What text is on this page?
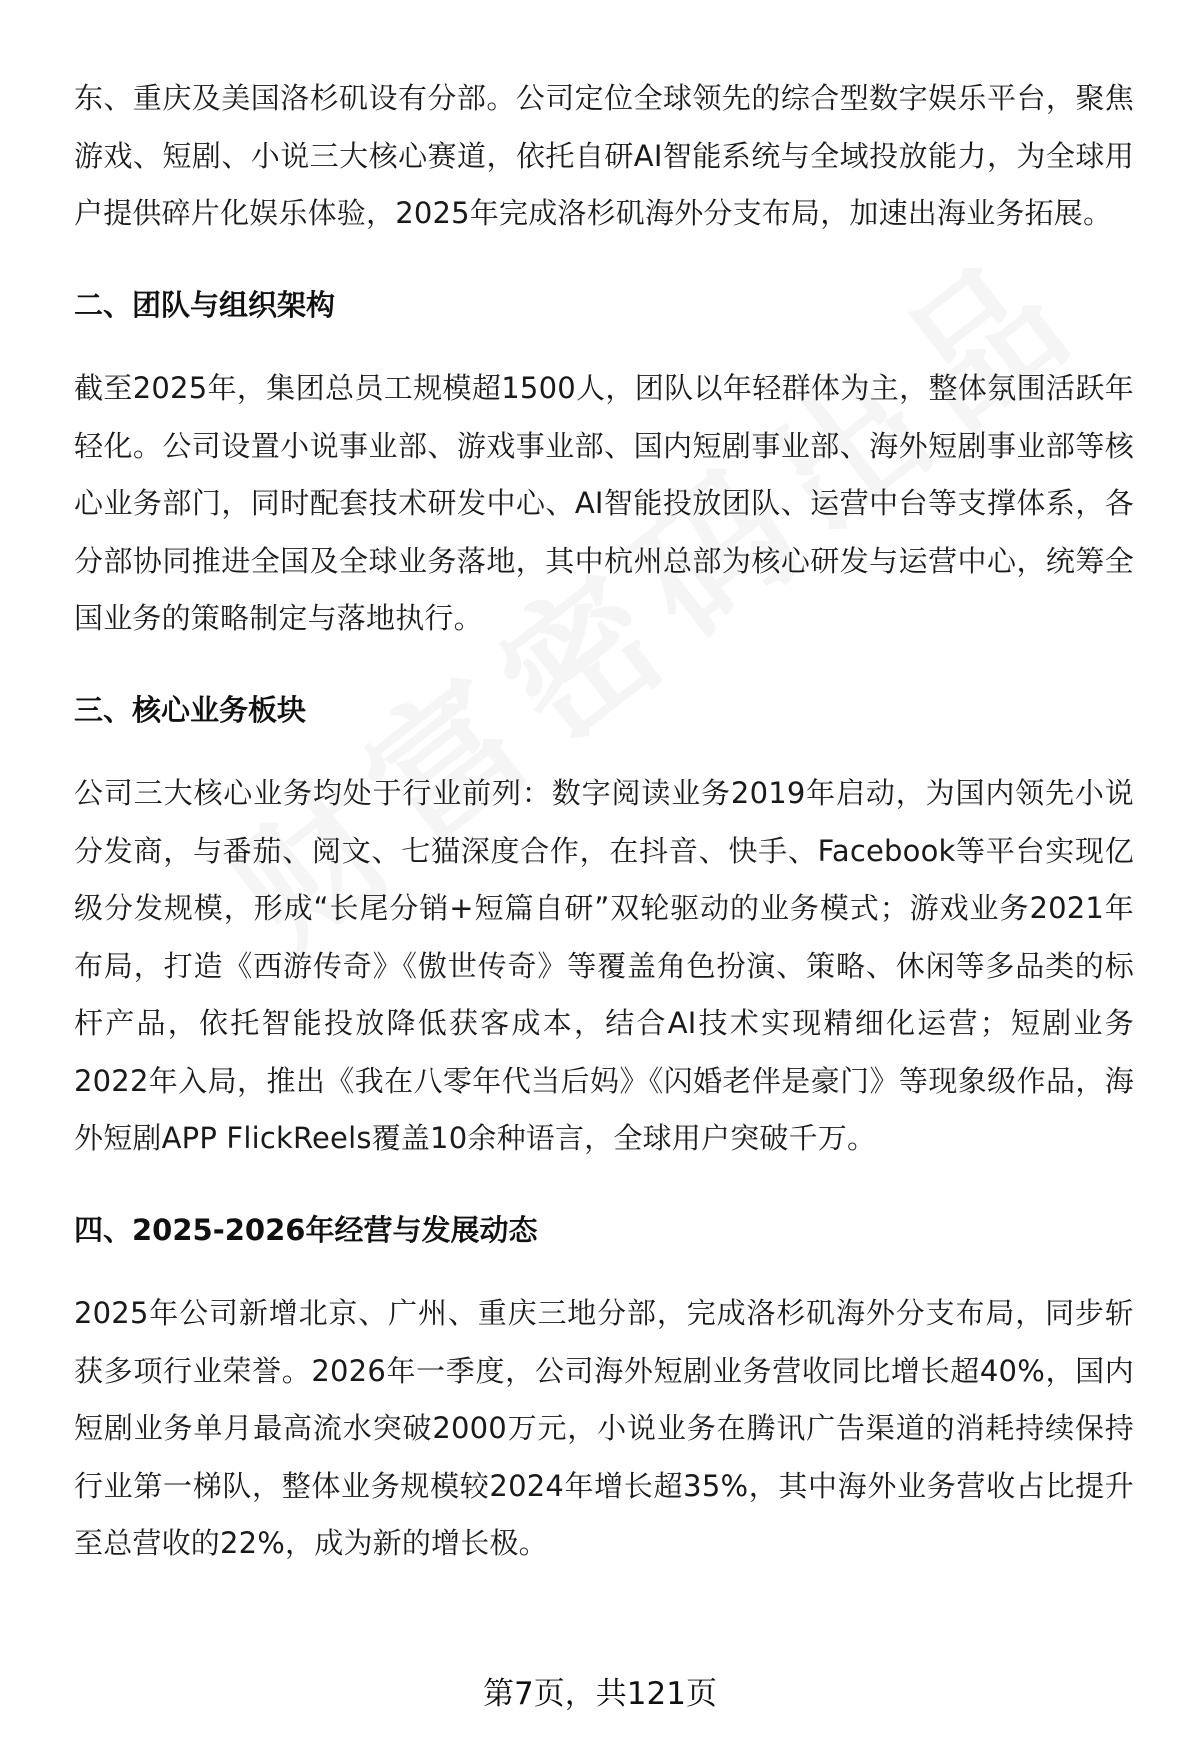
东、重庆及美国洛杉矶设有分部。公司定位全球领先的综合型数字娱乐平台，聚焦游戏、短剧、小说三大核心赛道，依托自研AI智能系统与全域投放能力，为全球用户提供碎片化娱乐体验，2025年完成洛杉矶海外分支布局，加速出海业务拓展。

二、团队与组织架构

截至2025年，集团总员工规模超1500人，团队以年轻群体为主，整体氛围活跃年轻化。公司设置小说事业部、游戏事业部、国内短剧事业部、海外短剧事业部等核心业务部门，同时配套技术研发中心、AI智能投放团队、运营中台等支撑体系，各分部协同推进全国及全球业务落地，其中杭州总部为核心研发与运营中心，统筹全国业务的策略制定与落地执行。

三、核心业务板块

公司三大核心业务均处于行业前列：数字阅读业务2019年启动，为国内领先小说分发商，与番茄、阅文、七猫深度合作，在抖音、快手、Facebook等平台实现亿级分发规模，形成“长尾分销+短篇自研”双轮驱动的业务模式；游戏业务2021年布局，打造《西游传奇》《傲世传奇》等覆盖角色扮演、策略、休闲等多品类的标杆产品，依托智能投放降低获客成本，结合AI技术实现精细化运营；短剧业务2022年入局，推出《我在八零年代当后妈》《闪婚老伴是豪门》等现象级作品，海外短剧APP FlickReels覆盖10余种语言，全球用户突破千万。

四、2025-2026年经营与发展动态

2025年公司新增北京、广州、重庆三地分部，完成洛杉矶海外分支布局，同步斩获多项行业荣誉。2026年一季度，公司海外短剧业务营收同比增长超40%，国内短剧业务单月最高流水突破2000万元，小说业务在腾讯广告渠道的消耗持续保持行业第一梯队，整体业务规模较2024年增长超35%，其中海外业务营收占比提升至总营收的22%，成为新的增长极。

第7页，共121页
